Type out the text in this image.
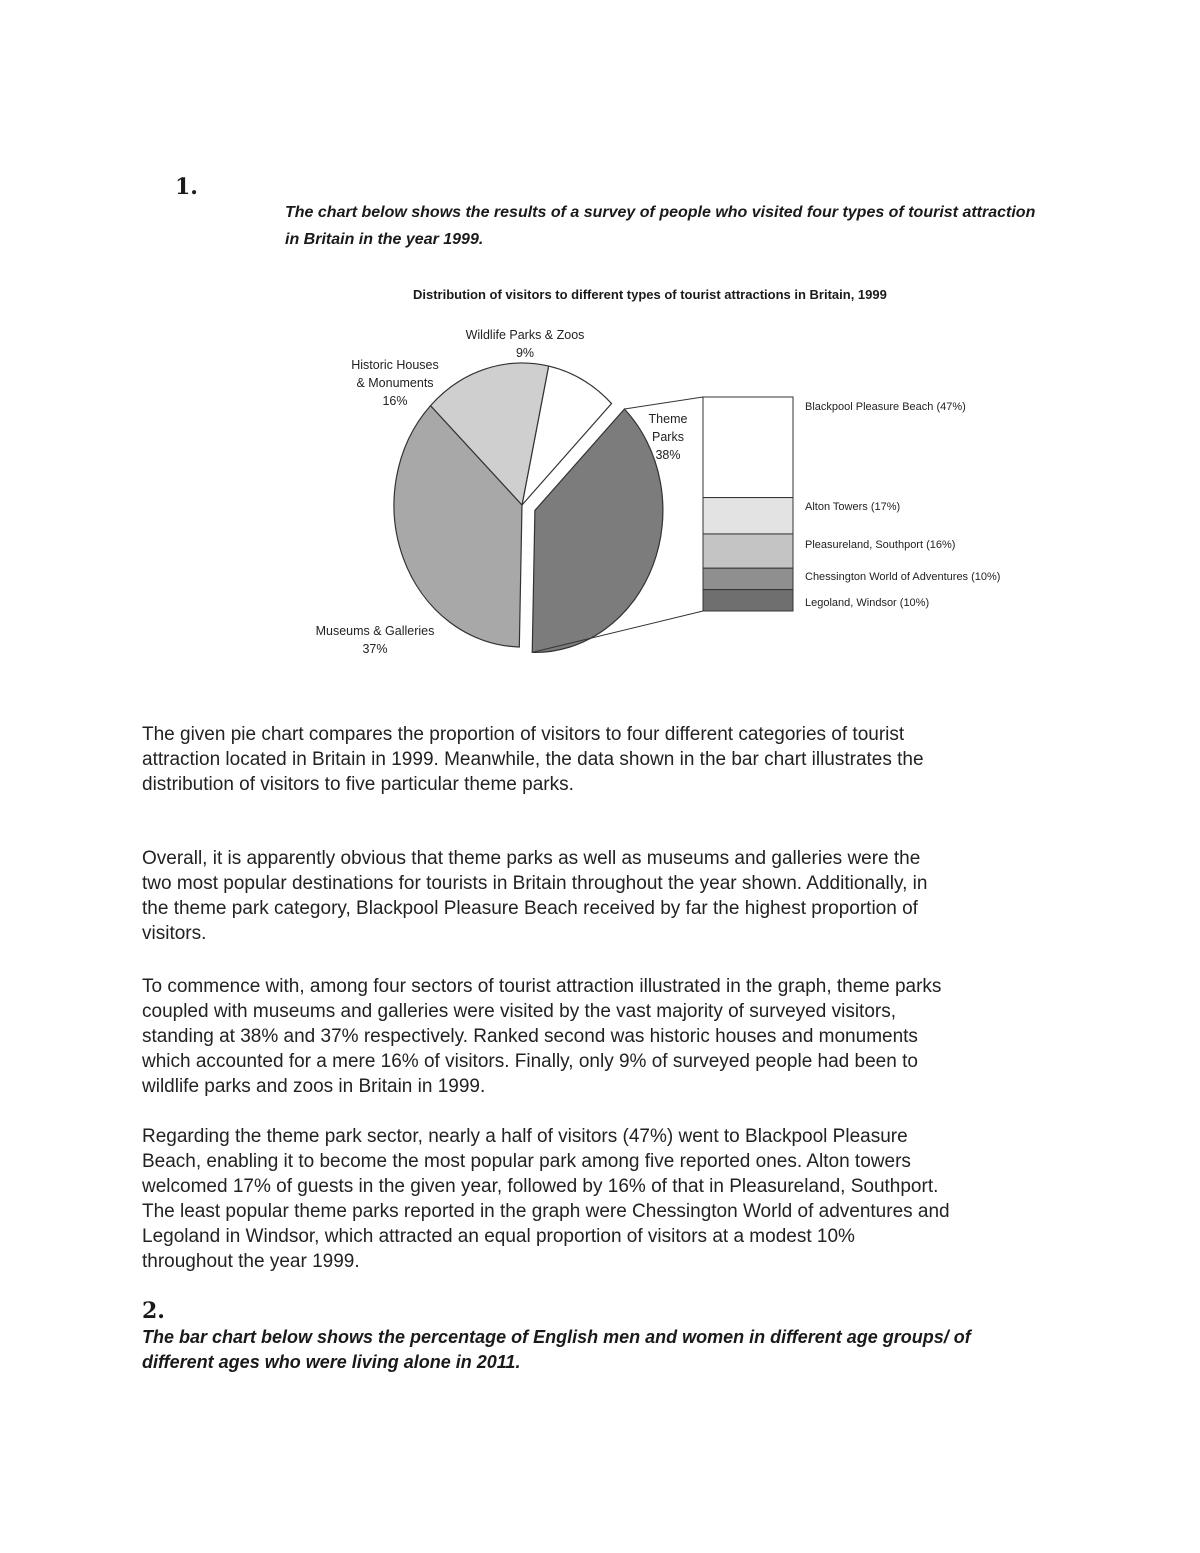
1.
The chart below shows the results of a survey of people who visited four types of tourist attraction
in Britain in the year 1999.
Distribution of visitors to different types of tourist attractions in Britain, 1999
Wildlife Parks & Zoos
9%
Historic Houses
& Monuments
16%
Theme
Parks
38%
Museums & Galleries
37%
Blackpool Pleasure Beach (47%)
Alton Towers (17%)
Pleasureland, Southport (16%)
Chessington World of Adventures (10%)
Legoland, Windsor (10%)
The given pie chart compares the proportion of visitors to four different categories of tourist
attraction located in Britain in 1999. Meanwhile, the data shown in the bar chart illustrates the
distribution of visitors to five particular theme parks.
Overall, it is apparently obvious that theme parks as well as museums and galleries were the
two most popular destinations for tourists in Britain throughout the year shown. Additionally, in
the theme park category, Blackpool Pleasure Beach received by far the highest proportion of
visitors.
To commence with, among four sectors of tourist attraction illustrated in the graph, theme parks
coupled with museums and galleries were visited by the vast majority of surveyed visitors,
standing at 38% and 37% respectively. Ranked second was historic houses and monuments
which accounted for a mere 16% of visitors. Finally, only 9% of surveyed people had been to
wildlife parks and zoos in Britain in 1999.
Regarding the theme park sector, nearly a half of visitors (47%) went to Blackpool Pleasure
Beach, enabling it to become the most popular park among five reported ones. Alton towers
welcomed 17% of guests in the given year, followed by 16% of that in Pleasureland, Southport.
The least popular theme parks reported in the graph were Chessington World of adventures and
Legoland in Windsor, which attracted an equal proportion of visitors at a modest 10%
throughout the year 1999.
2.
The bar chart below shows the percentage of English men and women in different age groups/ of
different ages who were living alone in 2011.
